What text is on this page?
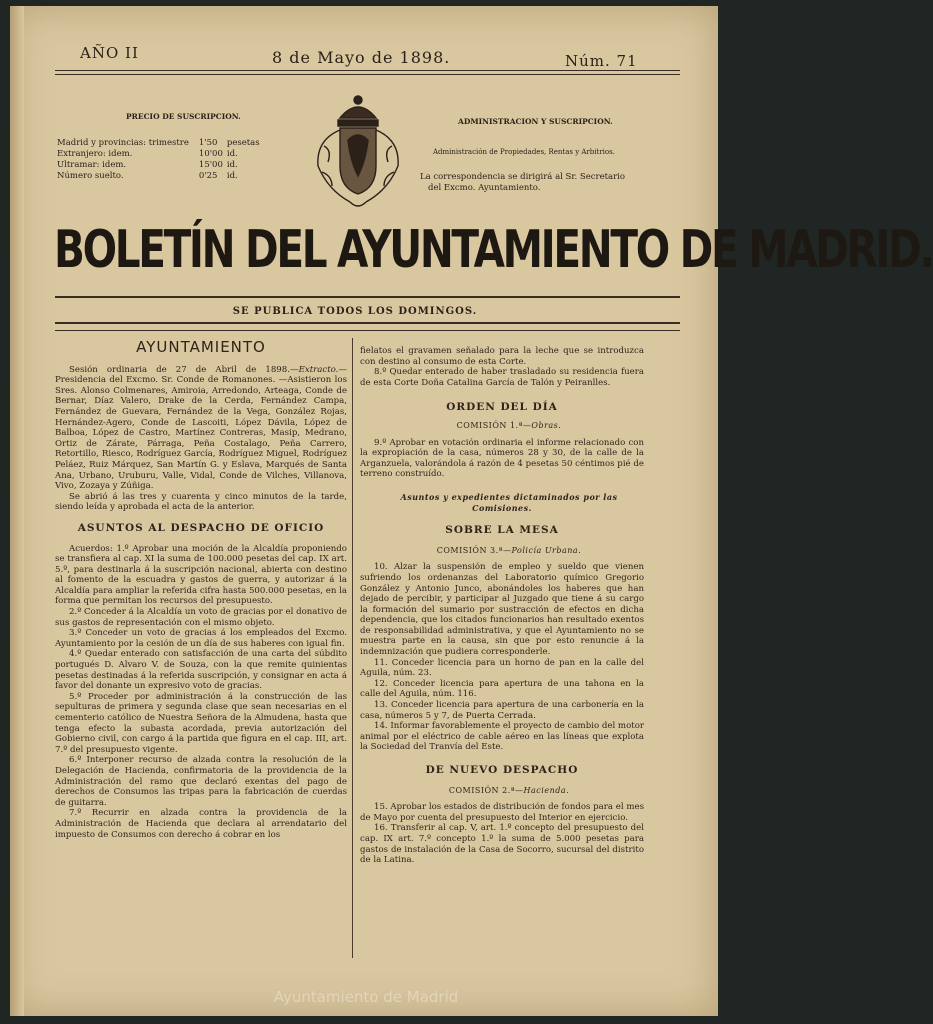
AÑO II	8 de Mayo de 1898.	Núm. 71
PRECIO DE SUSCRIPCION.
Madrid y provincias: trimestre	1'50	pesetas
Extranjero: idem.	10'00	id.
Ultramar: idem.	15'00	id.
Número suelto.	0'25	id.
ADMINISTRACION Y SUSCRIPCION.
Administración de Propiedades, Rentas y Arbitrios.
La correspondencia se dirigirá al Sr. Secretario
del Excmo. Ayuntamiento.
BOLETÍN DEL AYUNTAMIENTO DE MADRID.
SE PUBLICA TODOS LOS DOMINGOS.
AYUNTAMIENTO

Sesión ordinaria de 27 de Abril de 1898.—Extracto.—Presidencia del Excmo. Sr. Conde de Romanones. —Asistieron los Sres. Alonso Colmenares, Amiroia, Arredondo, Arteaga, Conde de Bernar, Díaz Valero, Drake de la Cerda, Fernández Campa, Fernández de Guevara, Fernández de la Vega, González Rojas, Hernández-Agero, Conde de Lascoiti, López Dávila, López de Balboa, López de Castro, Martínez Contreras, Masip, Medrano, Ortiz de Zárate, Párraga, Peña Costalago, Peña Carrero, Retortillo, Riesco, Rodríguez García, Rodríguez Miguel, Rodríguez Peláez, Ruiz Márquez, San Martín G. y Eslava, Marqués de Santa Ana, Urbano, Uruburu, Valle, Vidal, Conde de Vilches, Villanova, Vivo, Zozaya y Zúñiga.

Se abrió á las tres y cuarenta y cinco minutos de la tarde, siendo leída y aprobada el acta de la anterior.

ASUNTOS AL DESPACHO DE OFICIO

Acuerdos: 1.º Aprobar una moción de la Alcaldía proponiendo se transfiera al cap. XI la suma de 100.000 pesetas del cap. IX art. 5.º, para destinarla á la suscripción nacional, abierta con destino al fomento de la escuadra y gastos de guerra, y autorizar á la Alcaldía para ampliar la referida cifra hasta 500.000 pesetas, en la forma que permitan los recursos del presupuesto.

2.º Conceder á la Alcaldía un voto de gracias por el donativo de sus gastos de representación con el mismo objeto.

3.º Conceder un voto de gracias á los empleados del Excmo. Ayuntamiento por la cesión de un día de sus haberes con igual fin.

4.º Quedar enterado con satisfacción de una carta del súbdito portugués D. Alvaro V. de Souza, con la que remite quinientas pesetas destinadas á la referida suscripción, y consignar en acta á favor del donante un expresivo voto de gracias.

5.º Proceder por administración á la construcción de las sepulturas de primera y segunda clase que sean necesarias en el cementerio católico de Nuestra Señora de la Almudena, hasta que tenga efecto la subasta acordada, previa autorización del Gobierno civil, con cargo á la partida que figura en el cap. III, art. 7.º del presupuesto vigente.

6.º Interponer recurso de alzada contra la resolución de la Delegación de Hacienda, confirmatoria de la providencia de la Administración del ramo que declaró exentas del pago de derechos de Consumos las tripas para la fabricación de cuerdas de guitarra.

7.º Recurrir en alzada contra la providencia de la Administración de Hacienda que declara al arrendatario del impuesto de Consumos con derecho á cobrar en los

fielatos el gravamen señalado para la leche que se introduzca con destino al consumo de esta Corte.

8.º Quedar enterado de haber trasladado su residencia fuera de esta Corte Doña Catalina García de Talón y Peiranlles.

ORDEN DEL DÍA

COMISIÓN 1.ª—Obras.

9.º Aprobar en votación ordinaria el informe relacionado con la expropiación de la casa, números 28 y 30, de la calle de la Arganzuela, valorándola á razón de 4 pesetas 50 céntimos pié de terreno construído.

Asuntos y expedientes dictaminados por las Comisiones.

SOBRE LA MESA

COMISIÓN 3.ª—Policía Urbana.

10. Alzar la suspensión de empleo y sueldo que vienen sufriendo los ordenanzas del Laboratorio químico Gregorio González y Antonio Junco, abonándoles los haberes que han dejado de percibir, y participar al Juzgado que tiene á su cargo la formación del sumario por sustracción de efectos en dicha dependencia, que los citados funcionarios han resultado exentos de responsabilidad administrativa, y que el Ayuntamiento no se muestra parte en la causa, sin que por esto renuncie á la indemnización que pudiera corresponderle.

11. Conceder licencia para un horno de pan en la calle del Aguila, núm. 23.

12. Conceder licencia para apertura de una tahona en la calle del Aguila, núm. 116.

13. Conceder licencia para apertura de una carbonería en la casa, números 5 y 7, de Puerta Cerrada.

14. Informar favorablemente el proyecto de cambio del motor animal por el eléctrico de cable aéreo en las líneas que explota la Sociedad del Tranvía del Este.

DE NUEVO DESPACHO

COMISIÓN 2.ª—Hacienda.

15. Aprobar los estados de distribución de fondos para el mes de Mayo por cuenta del presupuesto del Interior en ejercicio.

16. Transferir al cap. V, art. 1.º concepto del presupuesto del cap. IX art. 7.º concepto 1.º la suma de 5.000 pesetas para gastos de instalación de la Casa de Socorro, sucursal del distrito de la Latina.

Ayuntamiento de Madrid
